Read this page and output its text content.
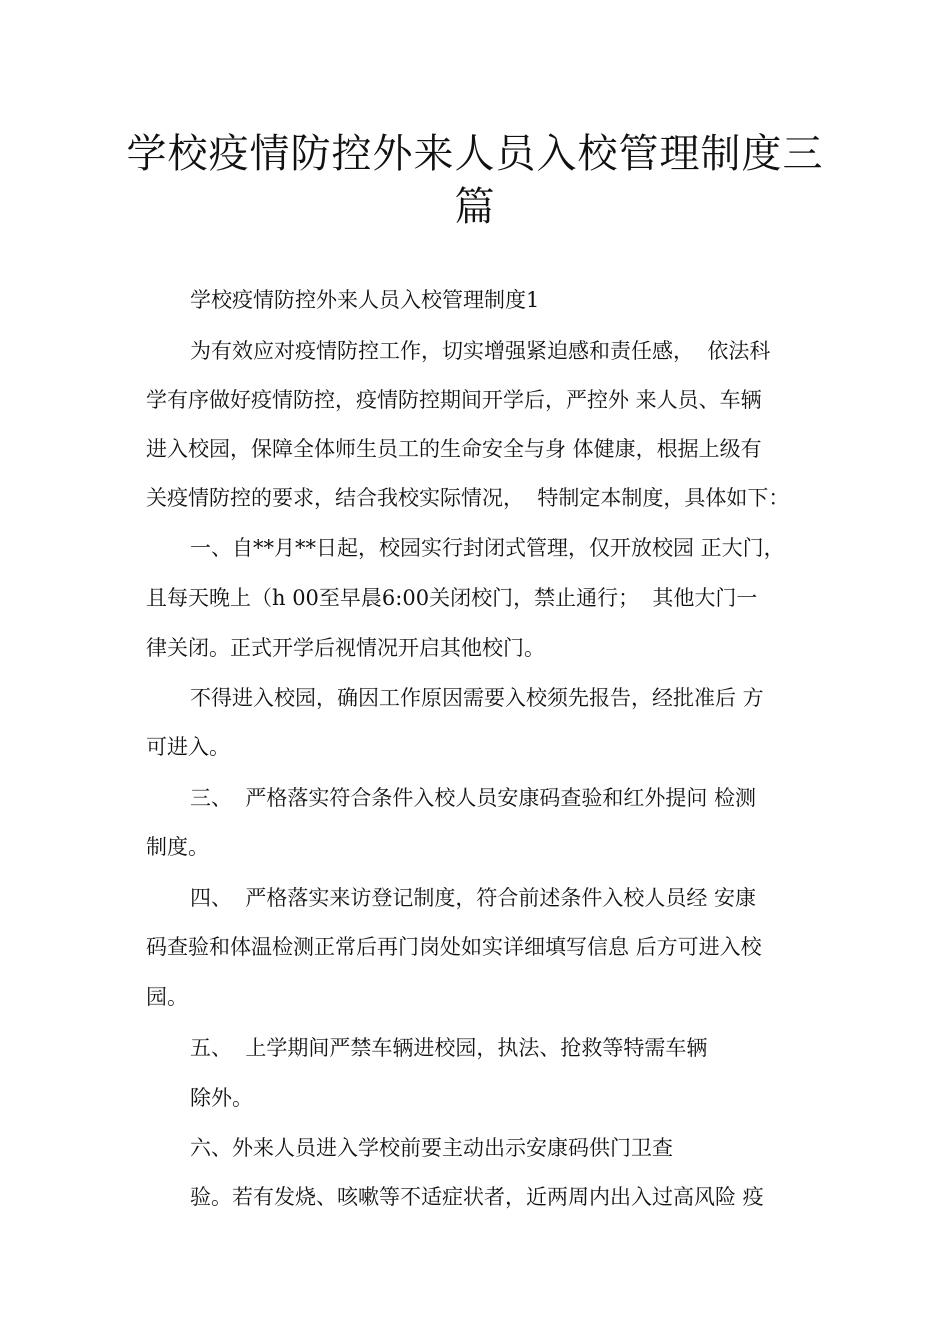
学校疫情防控外来人员入校管理制度三
篇

学校疫情防控外来人员入校管理制度1

为有效应对疫情防控工作，切实增强紧迫感和责任感，  依法科

学有序做好疫情防控，疫情防控期间开学后，严控外 来人员、车辆

进入校园，保障全体师生员工的生命安全与身 体健康，根据上级有

关疫情防控的要求，结合我校实际情况，  特制定本制度，具体如下：

一、自**月**日起，校园实行封闭式管理，仅开放校园 正大门，

且每天晚上（h 00至早晨6:00关闭校门，禁止通行；  其他大门一

律关闭。正式开学后视情况开启其他校门。

不得进入校园，确因工作原因需要入校须先报告，经批准后 方

可进入。

三、  严格落实符合条件入校人员安康码查验和红外提问 检测

制度。

四、  严格落实来访登记制度，符合前述条件入校人员经 安康

码查验和体温检测正常后再门岗处如实详细填写信息 后方可进入校

园。

五、  上学期间严禁车辆进校园，执法、抢救等特需车辆

除外。

六、外来人员进入学校前要主动出示安康码供门卫查

验。若有发烧、咳嗽等不适症状者，近两周内出入过高风险 疫
